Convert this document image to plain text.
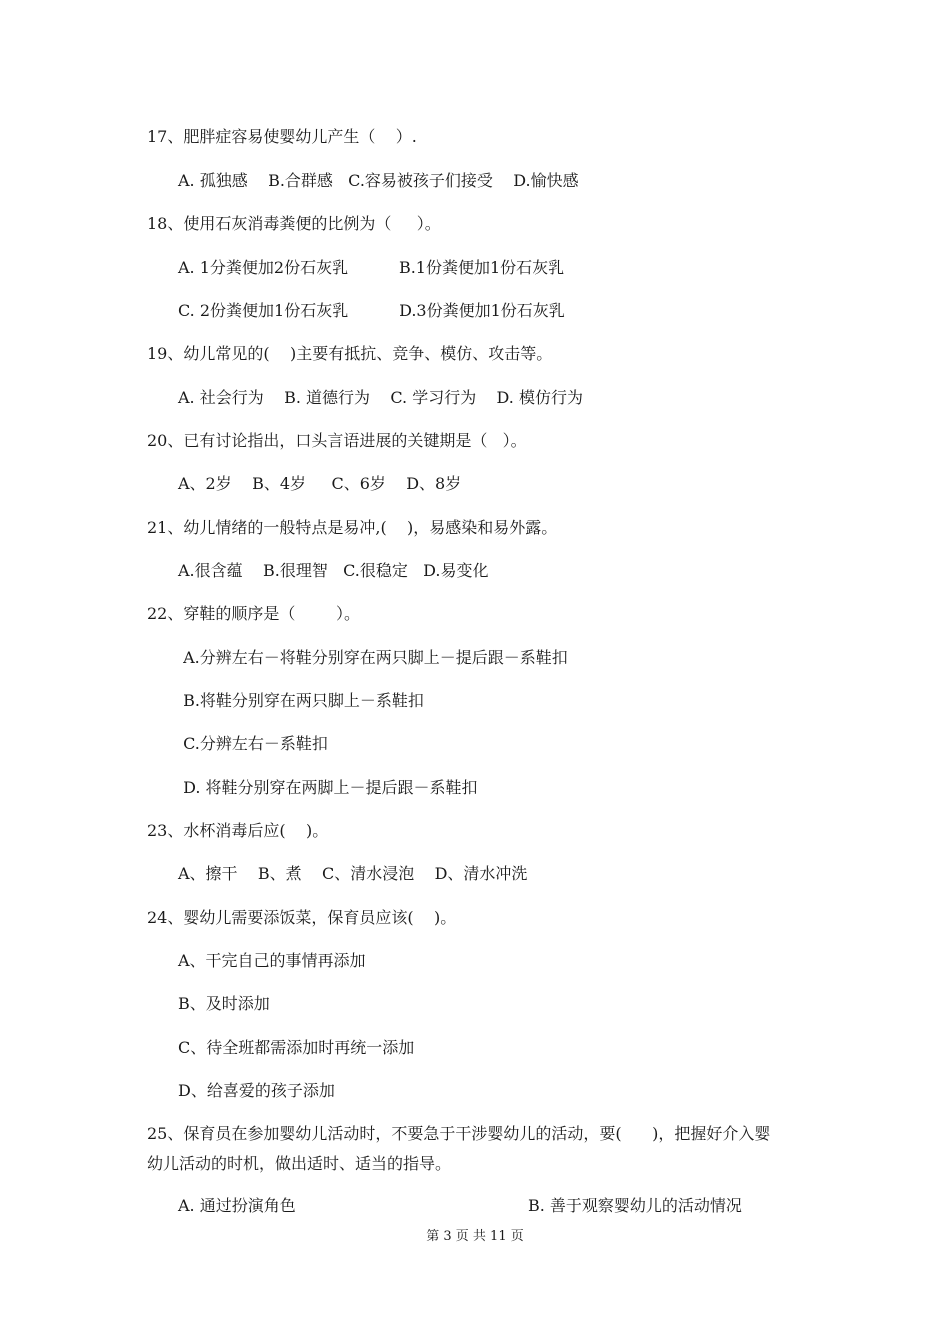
17、肥胖症容易使婴幼儿产生（    ）.
A. 孤独感    B.合群感   C.容易被孩子们接受    D.愉快感
18、使用石灰消毒粪便的比例为（     ）。
A. 1分粪便加2份石灰乳          B.1份粪便加1份石灰乳
C. 2份粪便加1份石灰乳          D.3份粪便加1份石灰乳
19、幼儿常见的(    )主要有抵抗、竞争、模仿、攻击等。
A. 社会行为    B. 道德行为    C. 学习行为    D. 模仿行为
20、已有讨论指出，口头言语进展的关键期是（   ）。
A、2岁    B、4岁     C、6岁    D、8岁
21、幼儿情绪的一般特点是易冲,(    )，易感染和易外露。
A.很含蕴    B.很理智   C.很稳定   D.易变化
22、穿鞋的顺序是（        ）。
A.分辨左右－将鞋分别穿在两只脚上－提后跟－系鞋扣
B.将鞋分别穿在两只脚上－系鞋扣
C.分辨左右－系鞋扣
D. 将鞋分别穿在两脚上－提后跟－系鞋扣
23、水杯消毒后应(    )。
A、擦干    B、煮    C、清水浸泡    D、清水冲洗
24、婴幼儿需要添饭菜，保育员应该(    )。
A、干完自己的事情再添加
B、及时添加
C、待全班都需添加时再统一添加
D、给喜爱的孩子添加
25、保育员在参加婴幼儿活动时，不要急于干涉婴幼儿的活动，要(      )，把握好介入婴
幼儿活动的时机，做出适时、适当的指导。
A. 通过扮演角色	B. 善于观察婴幼儿的活动情况
第 3 页 共 11 页
